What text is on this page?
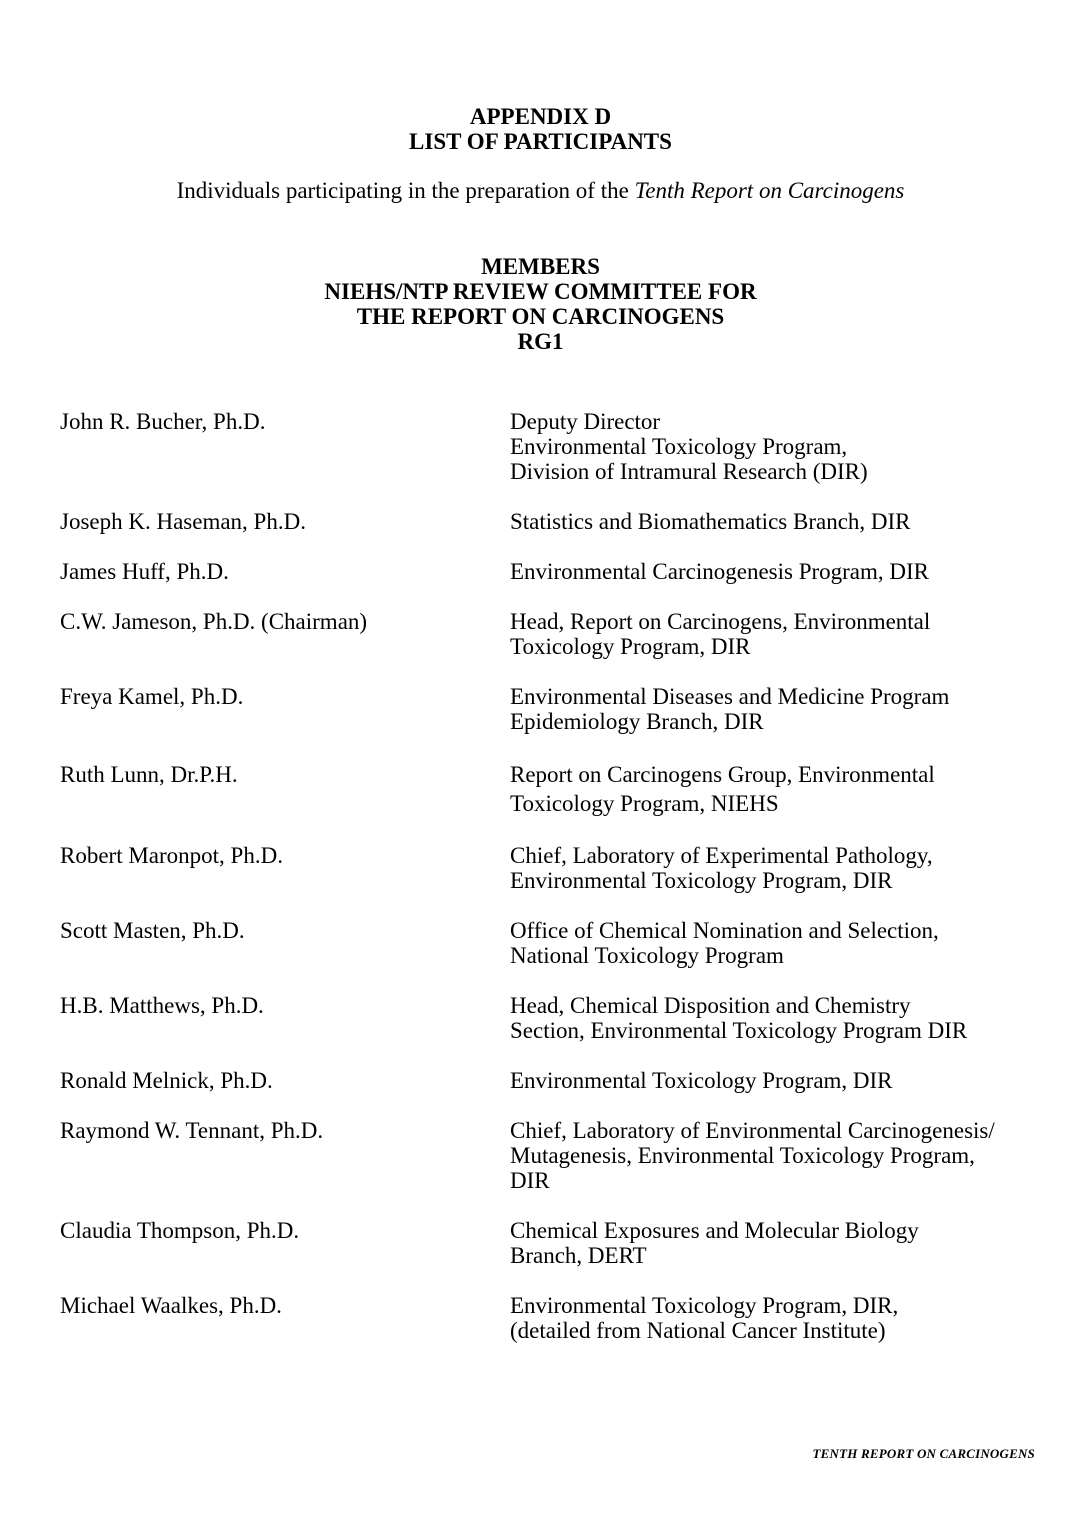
APPENDIX D
LIST OF PARTICIPANTS
Individuals participating in the preparation of the Tenth Report on Carcinogens
MEMBERS
NIEHS/NTP REVIEW COMMITTEE FOR
THE REPORT ON CARCINOGENS
RG1
John R. Bucher, Ph.D.	Deputy Director
Environmental Toxicology Program,
Division of Intramural Research (DIR)
Joseph K. Haseman, Ph.D.	Statistics and Biomathematics Branch, DIR
James Huff, Ph.D.	Environmental Carcinogenesis Program, DIR
C.W. Jameson, Ph.D. (Chairman)	Head, Report on Carcinogens, Environmental
Toxicology Program, DIR
Freya Kamel, Ph.D.	Environmental Diseases and Medicine Program
Epidemiology Branch, DIR
Ruth Lunn, Dr.P.H.	Report on Carcinogens Group, Environmental
Toxicology Program, NIEHS
Robert Maronpot, Ph.D.	Chief, Laboratory of Experimental Pathology,
Environmental Toxicology Program, DIR
Scott Masten, Ph.D.	Office of Chemical Nomination and Selection,
National Toxicology Program
H.B. Matthews, Ph.D.	Head, Chemical Disposition and Chemistry
Section, Environmental Toxicology Program DIR
Ronald Melnick, Ph.D.	Environmental Toxicology Program, DIR
Raymond W. Tennant, Ph.D.	Chief, Laboratory of Environmental Carcinogenesis/
Mutagenesis, Environmental Toxicology Program,
DIR
Claudia Thompson, Ph.D.	Chemical Exposures and Molecular Biology
Branch, DERT
Michael Waalkes, Ph.D.	Environmental Toxicology Program, DIR,
(detailed from National Cancer Institute)
TENTH REPORT ON CARCINOGENS
